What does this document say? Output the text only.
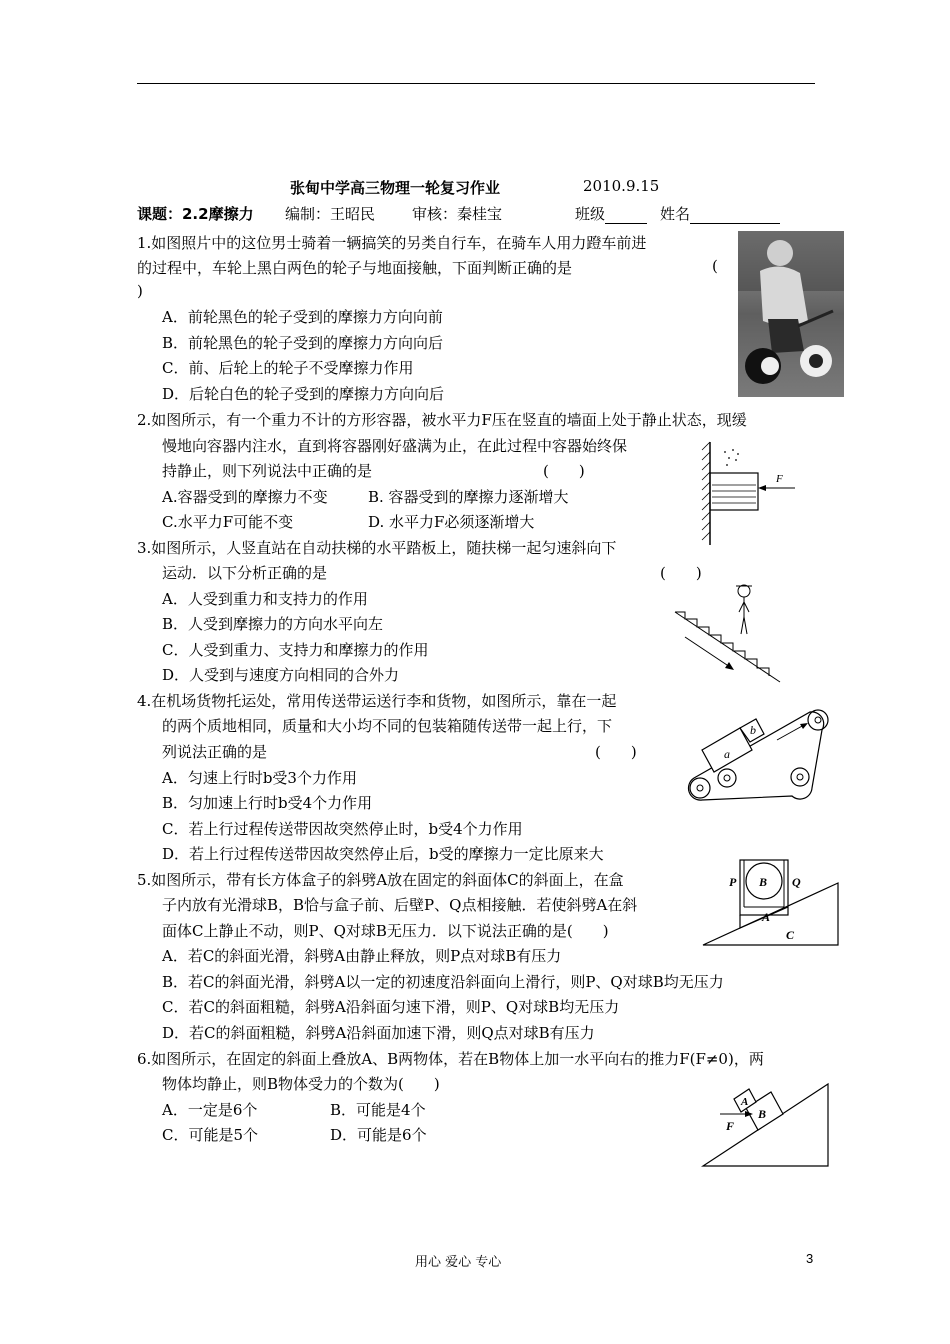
张甸中学高三物理一轮复习作业	2010.9.15
课题：2.2摩擦力 编制：王昭民 审核：秦桂宝	班级	姓名
1.如图照片中的这位男士骑着一辆搞笑的另类自行车，在骑车人用力蹬车前进
的过程中，车轮上黑白两色的轮子与地面接触，下面判断正确的是	(
)
A．前轮黑色的轮子受到的摩擦力方向向前
B．前轮黑色的轮子受到的摩擦力方向向后
C．前、后轮上的轮子不受摩擦力作用
D．后轮白色的轮子受到的摩擦力方向向后
2.如图所示，有一个重力不计的方形容器，被水平力F压在竖直的墙面上处于静止状态，现缓
慢地向容器内注水，直到将容器刚好盛满为止，在此过程中容器始终保
持静止，则下列说法中正确的是	(　　)
A.容器受到的摩擦力不变	B. 容器受到的摩擦力逐渐增大
C.水平力F可能不变	D. 水平力F必须逐渐增大
F
3.如图所示，人竖直站在自动扶梯的水平踏板上，随扶梯一起匀速斜向下
运动．以下分析正确的是	(　　)
A．人受到重力和支持力的作用
B．人受到摩擦力的方向水平向左
C．人受到重力、支持力和摩擦力的作用
D．人受到与速度方向相同的合外力
4.在机场货物托运处，常用传送带运送行李和货物，如图所示，靠在一起
的两个质地相同，质量和大小均不同的包装箱随传送带一起上行，下
列说法正确的是	(　　)
A．匀速上行时b受3个力作用
B．匀加速上行时b受4个力作用
C．若上行过程传送带因故突然停止时，b受4个力作用
D．若上行过程传送带因故突然停止后，b受的摩擦力一定比原来大
a
b
5.如图所示，带有长方体盒子的斜劈A放在固定的斜面体C的斜面上，在盒
子内放有光滑球B，B恰与盒子前、后壁P、Q点相接触．若使斜劈A在斜
面体C上静止不动，则P、Q对球B无压力．以下说法正确的是(　　)
A．若C的斜面光滑，斜劈A由静止释放，则P点对球B有压力
B．若C的斜面光滑，斜劈A以一定的初速度沿斜面向上滑行，则P、Q对球B均无压力
C．若C的斜面粗糙，斜劈A沿斜面匀速下滑，则P、Q对球B均无压力
D．若C的斜面粗糙，斜劈A沿斜面加速下滑，则Q点对球B有压力
P B Q
A
C
6.如图所示，在固定的斜面上叠放A、B两物体，若在B物体上加一水平向右的推力F(F≠0)，两
物体均静止，则B物体受力的个数为(　　)
A．一定是6个	B．可能是4个
C．可能是5个	D．可能是6个
A
B
F
用心 爱心 专心	3
